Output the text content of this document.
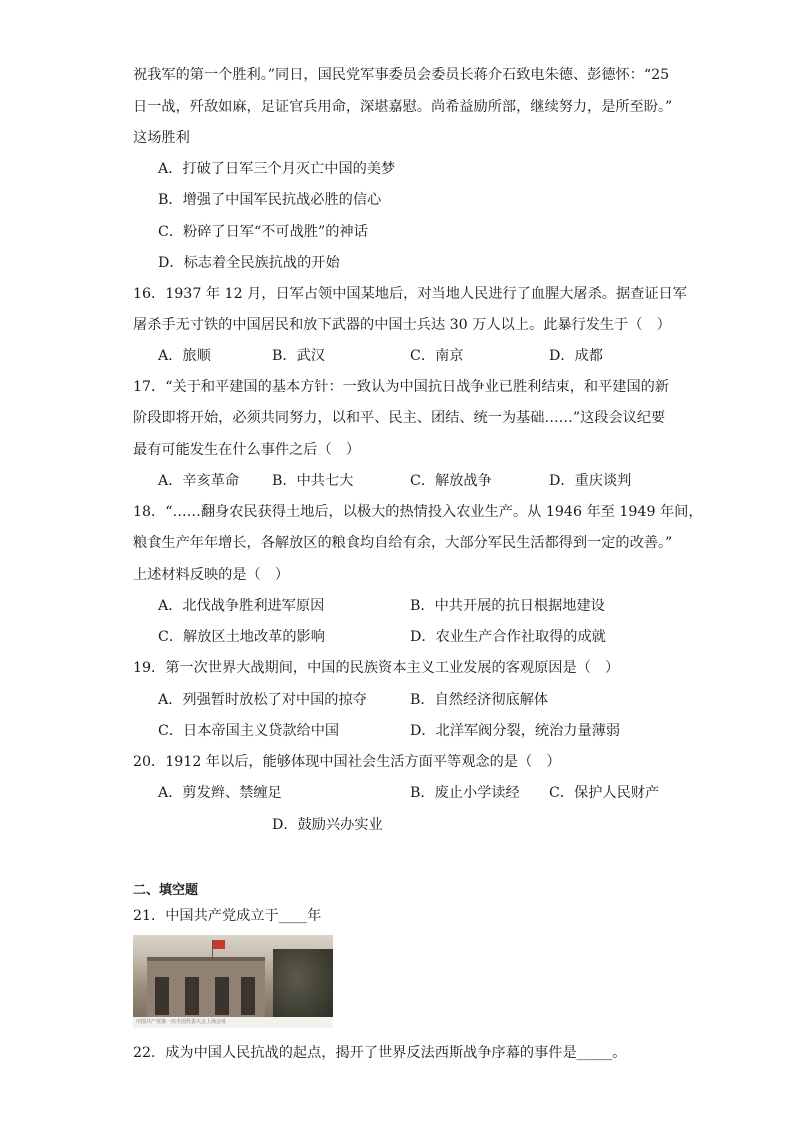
祝我军的第一个胜利。”同日，国民党军事委员会委员长蒋介石致电朱德、彭德怀：“25
日一战，歼敌如麻，足证官兵用命，深堪嘉慰。尚希益励所部，继续努力，是所至盼。”
这场胜利
A．打破了日军三个月灭亡中国的美梦
B．增强了中国军民抗战必胜的信心
C．粉碎了日军“不可战胜”的神话
D．标志着全民族抗战的开始
16．1937 年 12 月，日军占领中国某地后，对当地人民进行了血腥大屠杀。据查证日军
屠杀手无寸铁的中国居民和放下武器的中国士兵达 30 万人以上。此暴行发生于（　）
A．旅顺	B．武汉	C．南京	D．成都
17．“关于和平建国的基本方针：一致认为中国抗日战争业已胜利结束，和平建国的新
阶段即将开始，必须共同努力，以和平、民主、团结、统一为基础……”这段会议纪要
最有可能发生在什么事件之后（　）
A．辛亥革命 B．中共七大	C．解放战争	D．重庆谈判
18．“……翻身农民获得土地后，以极大的热情投入农业生产。从 1946 年至 1949 年间，
粮食生产年年增长，各解放区的粮食均自给有余，大部分军民生活都得到一定的改善。”
上述材料反映的是（　）
A．北伐战争胜利进军原因	B．中共开展的抗日根据地建设
C．解放区土地改革的影响	D．农业生产合作社取得的成就
19．第一次世界大战期间，中国的民族资本主义工业发展的客观原因是（　）
A．列强暂时放松了对中国的掠夺	B．自然经济彻底解体
C．日本帝国主义贷款给中国	D．北洋军阀分裂，统治力量薄弱
20．1912 年以后，能够体现中国社会生活方面平等观念的是（　）
A．剪发辫、禁缠足	B．废止小学读经 C．保护人民财产
D．鼓励兴办实业
二、填空题
21．中国共产党成立于____年
中国共产党第一次全国代表大会上海会址
22．成为中国人民抗战的起点，揭开了世界反法西斯战争序幕的事件是_____。
